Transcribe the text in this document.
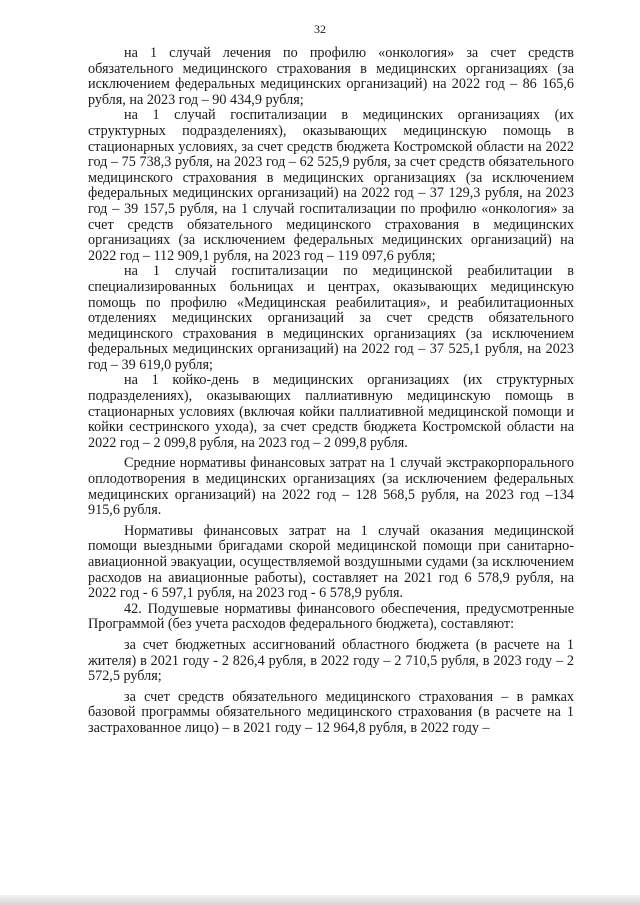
32

на 1 случай лечения по профилю «онкология» за счет средств обязательного медицинского страхования в медицинских организациях (за исключением федеральных медицинских организаций) на 2022 год – 86 165,6 рубля, на 2023 год – 90 434,9 рубля;

на 1 случай госпитализации в медицинских организациях (их структурных подразделениях), оказывающих медицинскую помощь в стационарных условиях, за счет средств бюджета Костромской области на 2022 год – 75 738,3 рубля, на 2023 год – 62 525,9 рубля, за счет средств обязательного медицинского страхования в медицинских организациях (за исключением федеральных медицинских организаций) на 2022 год – 37 129,3 рубля, на 2023 год – 39 157,5 рубля, на 1 случай госпитализации по профилю «онкология» за счет средств обязательного медицинского страхования в медицинских организациях (за исключением федеральных медицинских организаций) на 2022 год – 112 909,1 рубля, на 2023 год – 119 097,6 рубля;

на 1 случай госпитализации по медицинской реабилитации в специализированных больницах и центрах, оказывающих медицинскую помощь по профилю «Медицинская реабилитация», и реабилитационных отделениях медицинских организаций за счет средств обязательного медицинского страхования в медицинских организациях (за исключением федеральных медицинских организаций) на 2022 год – 37 525,1 рубля, на 2023 год – 39 619,0 рубля;

на 1 койко-день в медицинских организациях (их структурных подразделениях), оказывающих паллиативную медицинскую помощь в стационарных условиях (включая койки паллиативной медицинской помощи и койки сестринского ухода), за счет средств бюджета Костромской области на 2022 год – 2 099,8 рубля, на 2023 год – 2 099,8 рубля.

Средние нормативы финансовых затрат на 1 случай экстракорпорального оплодотворения в медицинских организациях (за исключением федеральных медицинских организаций) на 2022 год – 128 568,5 рубля, на 2023 год –134 915,6 рубля.

Нормативы финансовых затрат на 1 случай оказания медицинской помощи выездными бригадами скорой медицинской помощи при санитарно-авиационной эвакуации, осуществляемой воздушными судами (за исключением расходов на авиационные работы), составляет на 2021 год 6 578,9 рубля, на 2022 год - 6 597,1 рубля, на 2023 год - 6 578,9 рубля.

42. Подушевые нормативы финансового обеспечения, предусмотренные Программой (без учета расходов федерального бюджета), составляют:

за счет бюджетных ассигнований областного бюджета (в расчете на 1 жителя) в 2021 году - 2 826,4 рубля, в 2022 году – 2 710,5 рубля, в 2023 году – 2 572,5 рубля;

за счет средств обязательного медицинского страхования – в рамках базовой программы обязательного медицинского страхования (в расчете на 1 застрахованное лицо) – в 2021 году – 12 964,8 рубля, в 2022 году –
